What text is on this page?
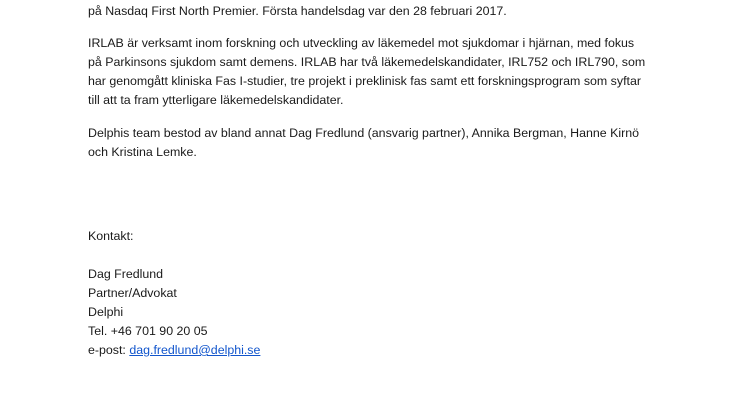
på Nasdaq First North Premier. Första handelsdag var den 28 februari 2017.
IRLAB är verksamt inom forskning och utveckling av läkemedel mot sjukdomar i hjärnan, med fokus
på Parkinsons sjukdom samt demens. IRLAB har två läkemedelskandidater, IRL752 och IRL790, som
har genomgått kliniska Fas I-studier, tre projekt i preklinisk fas samt ett forskningsprogram som syftar
till att ta fram ytterligare läkemedelskandidater.
Delphis team bestod av bland annat Dag Fredlund (ansvarig partner), Annika Bergman, Hanne Kirnö
och Kristina Lemke.
Kontakt:
Dag Fredlund
Partner/Advokat
Delphi
Tel. +46 701 90 20 05
e-post: dag.fredlund@delphi.se
